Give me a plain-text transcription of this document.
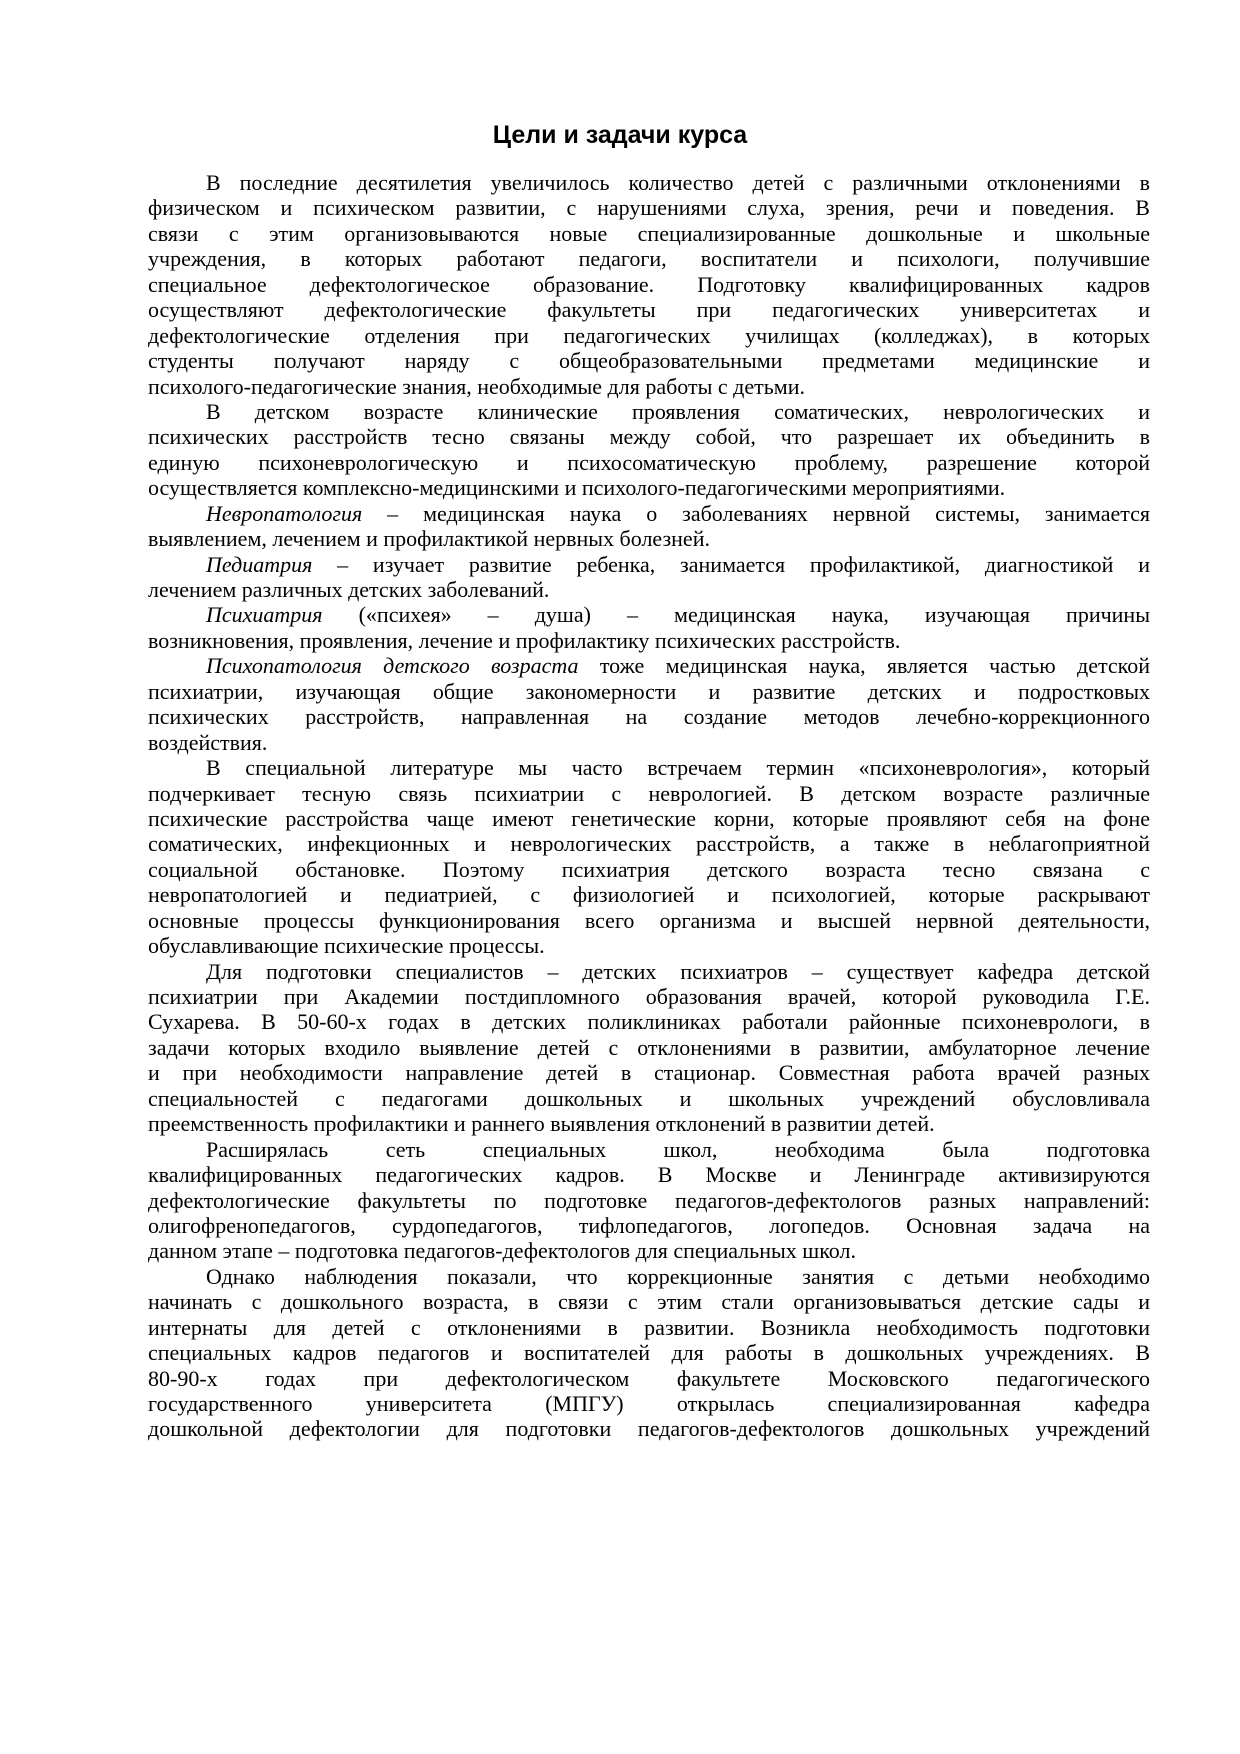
Цели и задачи курса
В последние десятилетия увеличилось количество детей с различными отклонениями в
физическом и психическом развитии, с нарушениями слуха, зрения, речи и поведения. В
связи с этим организовываются новые специализированные дошкольные и школьные
учреждения, в которых работают педагоги, воспитатели и психологи, получившие
специальное дефектологическое образование. Подготовку квалифицированных кадров
осуществляют дефектологические факультеты при педагогических университетах и
дефектологические отделения при педагогических училищах (колледжах), в которых
студенты получают наряду с общеобразовательными предметами медицинские и
психолого-педагогические знания, необходимые для работы с детьми.
В детском возрасте клинические проявления соматических, неврологических и
психических расстройств тесно связаны между собой, что разрешает их объединить в
единую психоневрологическую и психосоматическую проблему, разрешение которой
осуществляется комплексно-медицинскими и психолого-педагогическими мероприятиями.
Невропатология – медицинская наука о заболеваниях нервной системы, занимается
выявлением, лечением и профилактикой нервных болезней.
Педиатрия – изучает развитие ребенка, занимается профилактикой, диагностикой и
лечением различных детских заболеваний.
Психиатрия («психея» – душа) – медицинская наука, изучающая причины
возникновения, проявления, лечение и профилактику психических расстройств.
Психопатология детского возраста тоже медицинская наука, является частью детской
психиатрии, изучающая общие закономерности и развитие детских и подростковых
психических расстройств, направленная на создание методов лечебно-коррекционного
воздействия.
В специальной литературе мы часто встречаем термин «психоневрология», который
подчеркивает тесную связь психиатрии с неврологией. В детском возрасте различные
психические расстройства чаще имеют генетические корни, которые проявляют себя на фоне
соматических, инфекционных и неврологических расстройств, а также в неблагоприятной
социальной обстановке. Поэтому психиатрия детского возраста тесно связана с
невропатологией и педиатрией, с физиологией и психологией, которые раскрывают
основные процессы функционирования всего организма и высшей нервной деятельности,
обуславливающие психические процессы.
Для подготовки специалистов – детских психиатров – существует кафедра детской
психиатрии при Академии постдипломного образования врачей, которой руководила Г.Е.
Сухарева. В 50-60-х годах в детских поликлиниках работали районные психоневрологи, в
задачи которых входило выявление детей с отклонениями в развитии, амбулаторное лечение
и при необходимости направление детей в стационар. Совместная работа врачей разных
специальностей с педагогами дошкольных и школьных учреждений обусловливала
преемственность профилактики и раннего выявления отклонений в развитии детей.
Расширялась сеть специальных школ, необходима была подготовка
квалифицированных педагогических кадров. В Москве и Ленинграде активизируются
дефектологические факультеты по подготовке педагогов-дефектологов разных направлений:
олигофренопедагогов, сурдопедагогов, тифлопедагогов, логопедов. Основная задача на
данном этапе – подготовка педагогов-дефектологов для специальных школ.
Однако наблюдения показали, что коррекционные занятия с детьми необходимо
начинать с дошкольного возраста, в связи с этим стали организовываться детские сады и
интернаты для детей с отклонениями в развитии. Возникла необходимость подготовки
специальных кадров педагогов и воспитателей для работы в дошкольных учреждениях. В
80-90-х годах при дефектологическом факультете Московского педагогического
государственного университета (МПГУ) открылась специализированная кафедра
дошкольной дефектологии для подготовки педагогов-дефектологов дошкольных учреждений
